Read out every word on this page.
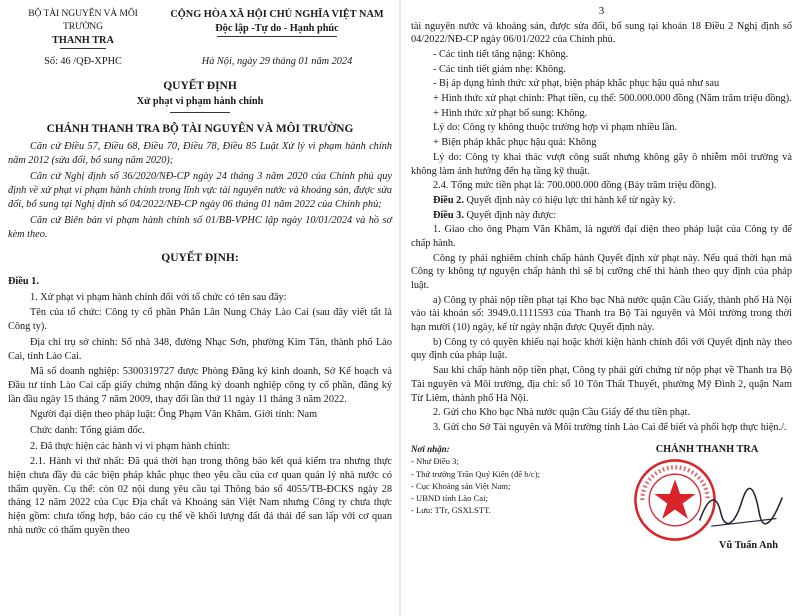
BỘ TÀI NGUYÊN VÀ MÔI TRƯỜNG
THANH TRA
CỘNG HÒA XÃ HỘI CHỦ NGHĨA VIỆT NAM
Độc lập -Tự do - Hạnh phúc
Số: 46 /QĐ-XPHC	Hà Nội, ngày 29 tháng 01 năm 2024
QUYẾT ĐỊNH
Xử phạt vi phạm hành chính
CHÁNH THANH TRA BỘ TÀI NGUYÊN VÀ MÔI TRƯỜNG

Căn cứ Điều 57, Điều 68, Điều 70, Điều 78, Điều 85 Luật Xử lý vi phạm hành chính năm 2012 (sửa đổi, bổ sung năm 2020);

Căn cứ Nghị định số 36/2020/NĐ-CP ngày 24 tháng 3 năm 2020 của Chính phủ quy định về xử phạt vi phạm hành chính trong lĩnh vực tài nguyên nước và khoáng sản, được sửa đổi, bổ sung tại Nghị định số 04/2022/NĐ-CP ngày 06 tháng 01 năm 2022 của Chính phủ;

Căn cứ Biên bản vi phạm hành chính số 01/BB-VPHC lập ngày 10/01/2024 và hồ sơ kèm theo.

QUYẾT ĐỊNH:
Điều 1.

1. Xử phạt vi phạm hành chính đối với tổ chức có tên sau đây:

Tên của tổ chức: Công ty cổ phần Phân Lân Nung Chảy Lào Cai (sau đây viết tắt là Công ty).

Địa chỉ trụ sở chính: Số nhà 348, đường Nhạc Sơn, phường Kim Tân, thành phố Lào Cai, tỉnh Lào Cai.

Mã số doanh nghiệp: 5300319727 được Phòng Đăng ký kinh doanh, Sở Kế hoạch và Đầu tư tỉnh Lào Cai cấp giấy chứng nhận đăng ký doanh nghiệp công ty cổ phần, đăng ký lần đầu ngày 15 tháng 7 năm 2009, thay đổi lần thứ 11 ngày 11 tháng 3 năm 2022.

Người đại diện theo pháp luật: Ông Phạm Văn Khâm. Giới tính: Nam

Chức danh: Tổng giám đốc.

2. Đã thực hiện các hành vi vi phạm hành chính:

2.1. Hành vi thứ nhất: Đã quá thời hạn trong thông báo kết quả kiểm tra nhưng thực hiện chưa đầy đủ các biện pháp khắc phục theo yêu cầu của cơ quan quản lý nhà nước có thẩm quyền. Cụ thể: còn 02 nội dung yêu cầu tại Thông báo số 4055/TB-ĐCKS ngày 28 tháng 12 năm 2022 của Cục Địa chất và Khoáng sản Việt Nam nhưng Công ty chưa thực hiện gồm: chưa tổng hợp, báo cáo cụ thể về khối lượng đất đá thải để san lấp với cơ quan nhà nước có thẩm quyền theo

3

tài nguyên nước và khoáng sản, được sửa đổi, bổ sung tại khoản 18 Điều 2 Nghị định số 04/2022/NĐ-CP ngày 06/01/2022 của Chính phủ.

- Các tình tiết tăng nặng: Không.

- Các tình tiết giảm nhẹ: Không.

- Bị áp dụng hình thức xử phạt, biện pháp khắc phục hậu quả như sau

+ Hình thức xử phạt chính: Phạt tiền, cụ thể: 500.000.000 đồng (Năm trăm triệu đồng).

+ Hình thức xử phạt bổ sung: Không.

Lý do: Công ty không thuộc trường hợp vi phạm nhiều lần.

+ Biện pháp khắc phục hậu quả: Không

Lý do: Công ty khai thác vượt công suất nhưng không gây ô nhiễm môi trường và không làm ảnh hưởng đến hạ tầng kỹ thuật.

2.4. Tổng mức tiền phạt là: 700.000.000 đồng (Bảy trăm triệu đồng).

Điều 2. Quyết định này có hiệu lực thi hành kể từ ngày ký.

Điều 3. Quyết định này được:

1. Giao cho ông Phạm Văn Khâm, là người đại diện theo pháp luật của Công ty để chấp hành.

Công ty phải nghiêm chỉnh chấp hành Quyết định xử phạt này. Nếu quá thời hạn mà Công ty không tự nguyện chấp hành thì sẽ bị cưỡng chế thi hành theo quy định của pháp luật.

a) Công ty phải nộp tiền phạt tại Kho bạc Nhà nước quận Cầu Giấy, thành phố Hà Nội vào tài khoản số: 3949.0.1111593 của Thanh tra Bộ Tài nguyên và Môi trường trong thời hạn mười (10) ngày, kể từ ngày nhận được Quyết định này.

b) Công ty có quyền khiếu nại hoặc khởi kiện hành chính đối với Quyết định này theo quy định của pháp luật.

Sau khi chấp hành nộp tiền phạt, Công ty phải gửi chứng từ nộp phạt về Thanh tra Bộ Tài nguyên và Môi trường, địa chỉ: số 10 Tôn Thất Thuyết, phường Mỹ Đình 2, quận Nam Từ Liêm, thành phố Hà Nội.

2. Gửi cho Kho bạc Nhà nước quận Cầu Giấy để thu tiền phạt.

3. Gửi cho Sở Tài nguyên và Môi trường tỉnh Lào Cai để biết và phối hợp thực hiện./.

Nơi nhận:
- Như Điều 3;
- Thứ trưởng Trần Quý Kiên (để b/c);
- Cục Khoáng sản Việt Nam;
- UBND tỉnh Lào Cai;
- Lưu: TTr, GSXLSTT.
CHÁNH THANH TRA
Vũ Tuấn Anh
